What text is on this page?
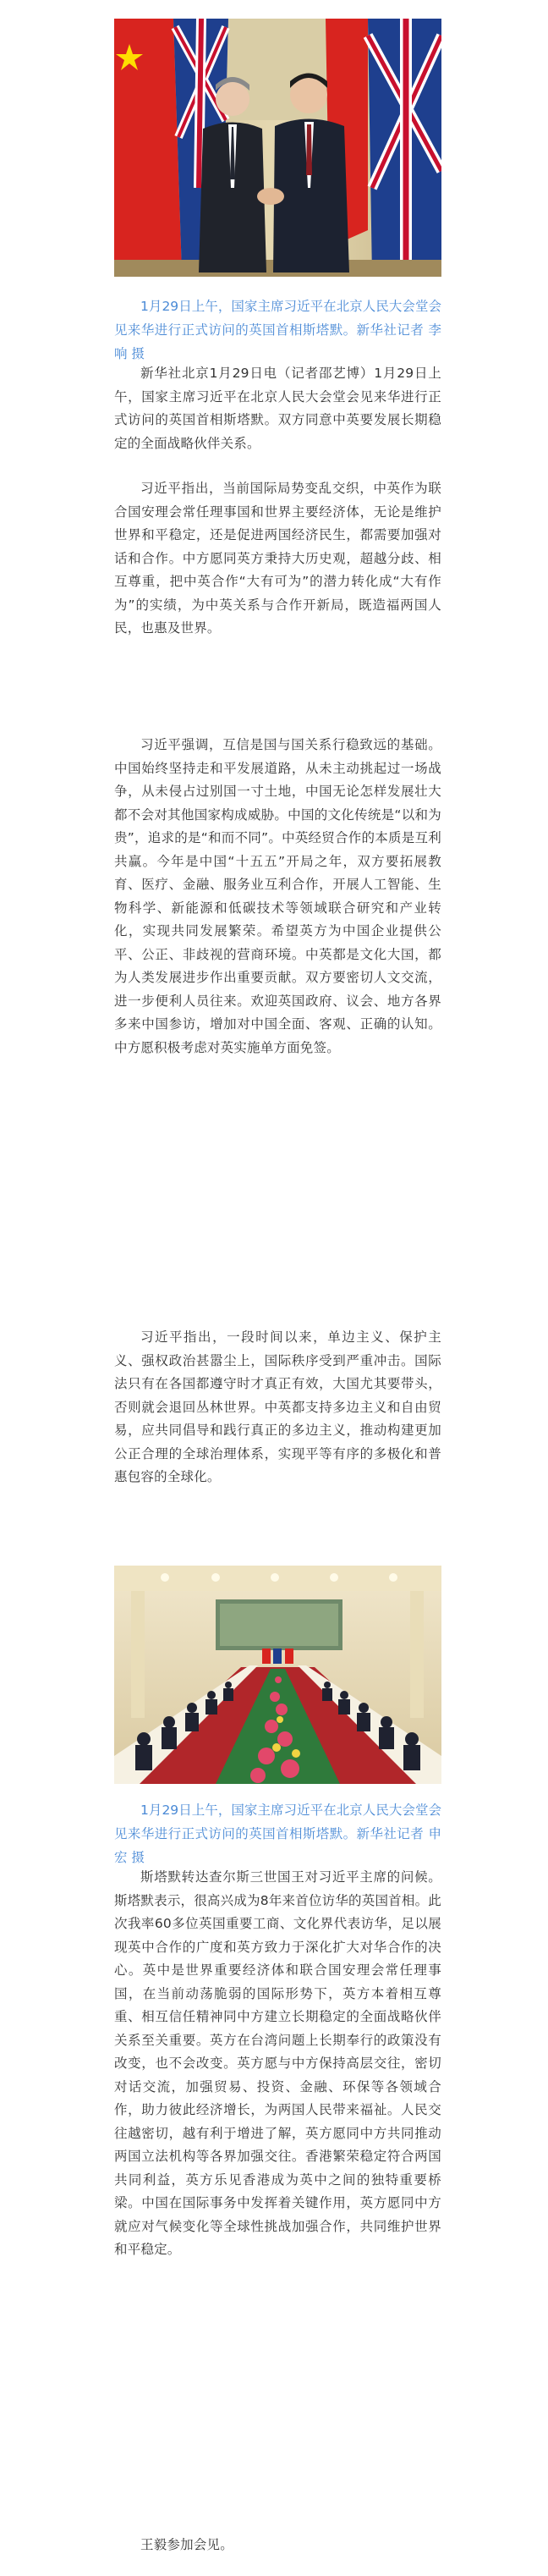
1月29日上午，国家主席习近平在北京人民大会堂会见来华进行正式访问的英国首相斯塔默。新华社记者 李响 摄

新华社北京1月29日电（记者邵艺博）1月29日上午，国家主席习近平在北京人民大会堂会见来华进行正式访问的英国首相斯塔默。双方同意中英要发展长期稳定的全面战略伙伴关系。

习近平指出，当前国际局势变乱交织，中英作为联合国安理会常任理事国和世界主要经济体，无论是维护世界和平稳定，还是促进两国经济民生，都需要加强对话和合作。中方愿同英方秉持大历史观，超越分歧、相互尊重，把中英合作“大有可为”的潜力转化成“大有作为”的实绩，为中英关系与合作开新局，既造福两国人民，也惠及世界。

习近平强调，互信是国与国关系行稳致远的基础。中国始终坚持走和平发展道路，从未主动挑起过一场战争，从未侵占过别国一寸土地，中国无论怎样发展壮大都不会对其他国家构成威胁。中国的文化传统是“以和为贵”，追求的是“和而不同”。中英经贸合作的本质是互利共赢。今年是中国“十五五”开局之年，双方要拓展教育、医疗、金融、服务业互利合作，开展人工智能、生物科学、新能源和低碳技术等领域联合研究和产业转化，实现共同发展繁荣。希望英方为中国企业提供公平、公正、非歧视的营商环境。中英都是文化大国，都为人类发展进步作出重要贡献。双方要密切人文交流，进一步便利人员往来。欢迎英国政府、议会、地方各界多来中国参访，增加对中国全面、客观、正确的认知。中方愿积极考虑对英实施单方面免签。

习近平指出，一段时间以来，单边主义、保护主义、强权政治甚嚣尘上，国际秩序受到严重冲击。国际法只有在各国都遵守时才真正有效，大国尤其要带头，否则就会退回丛林世界。中英都支持多边主义和自由贸易，应共同倡导和践行真正的多边主义，推动构建更加公正合理的全球治理体系，实现平等有序的多极化和普惠包容的全球化。

1月29日上午，国家主席习近平在北京人民大会堂会见来华进行正式访问的英国首相斯塔默。新华社记者 申宏 摄

斯塔默转达查尔斯三世国王对习近平主席的问候。斯塔默表示，很高兴成为8年来首位访华的英国首相。此次我率60多位英国重要工商、文化界代表访华，足以展现英中合作的广度和英方致力于深化扩大对华合作的决心。英中是世界重要经济体和联合国安理会常任理事国，在当前动荡脆弱的国际形势下，英方本着相互尊重、相互信任精神同中方建立长期稳定的全面战略伙伴关系至关重要。英方在台湾问题上长期奉行的政策没有改变，也不会改变。英方愿与中方保持高层交往，密切对话交流，加强贸易、投资、金融、环保等各领域合作，助力彼此经济增长，为两国人民带来福祉。人民交往越密切，越有利于增进了解，英方愿同中方共同推动两国立法机构等各界加强交往。香港繁荣稳定符合两国共同利益，英方乐见香港成为英中之间的独特重要桥梁。中国在国际事务中发挥着关键作用，英方愿同中方就应对气候变化等全球性挑战加强合作，共同维护世界和平稳定。

王毅参加会见。
